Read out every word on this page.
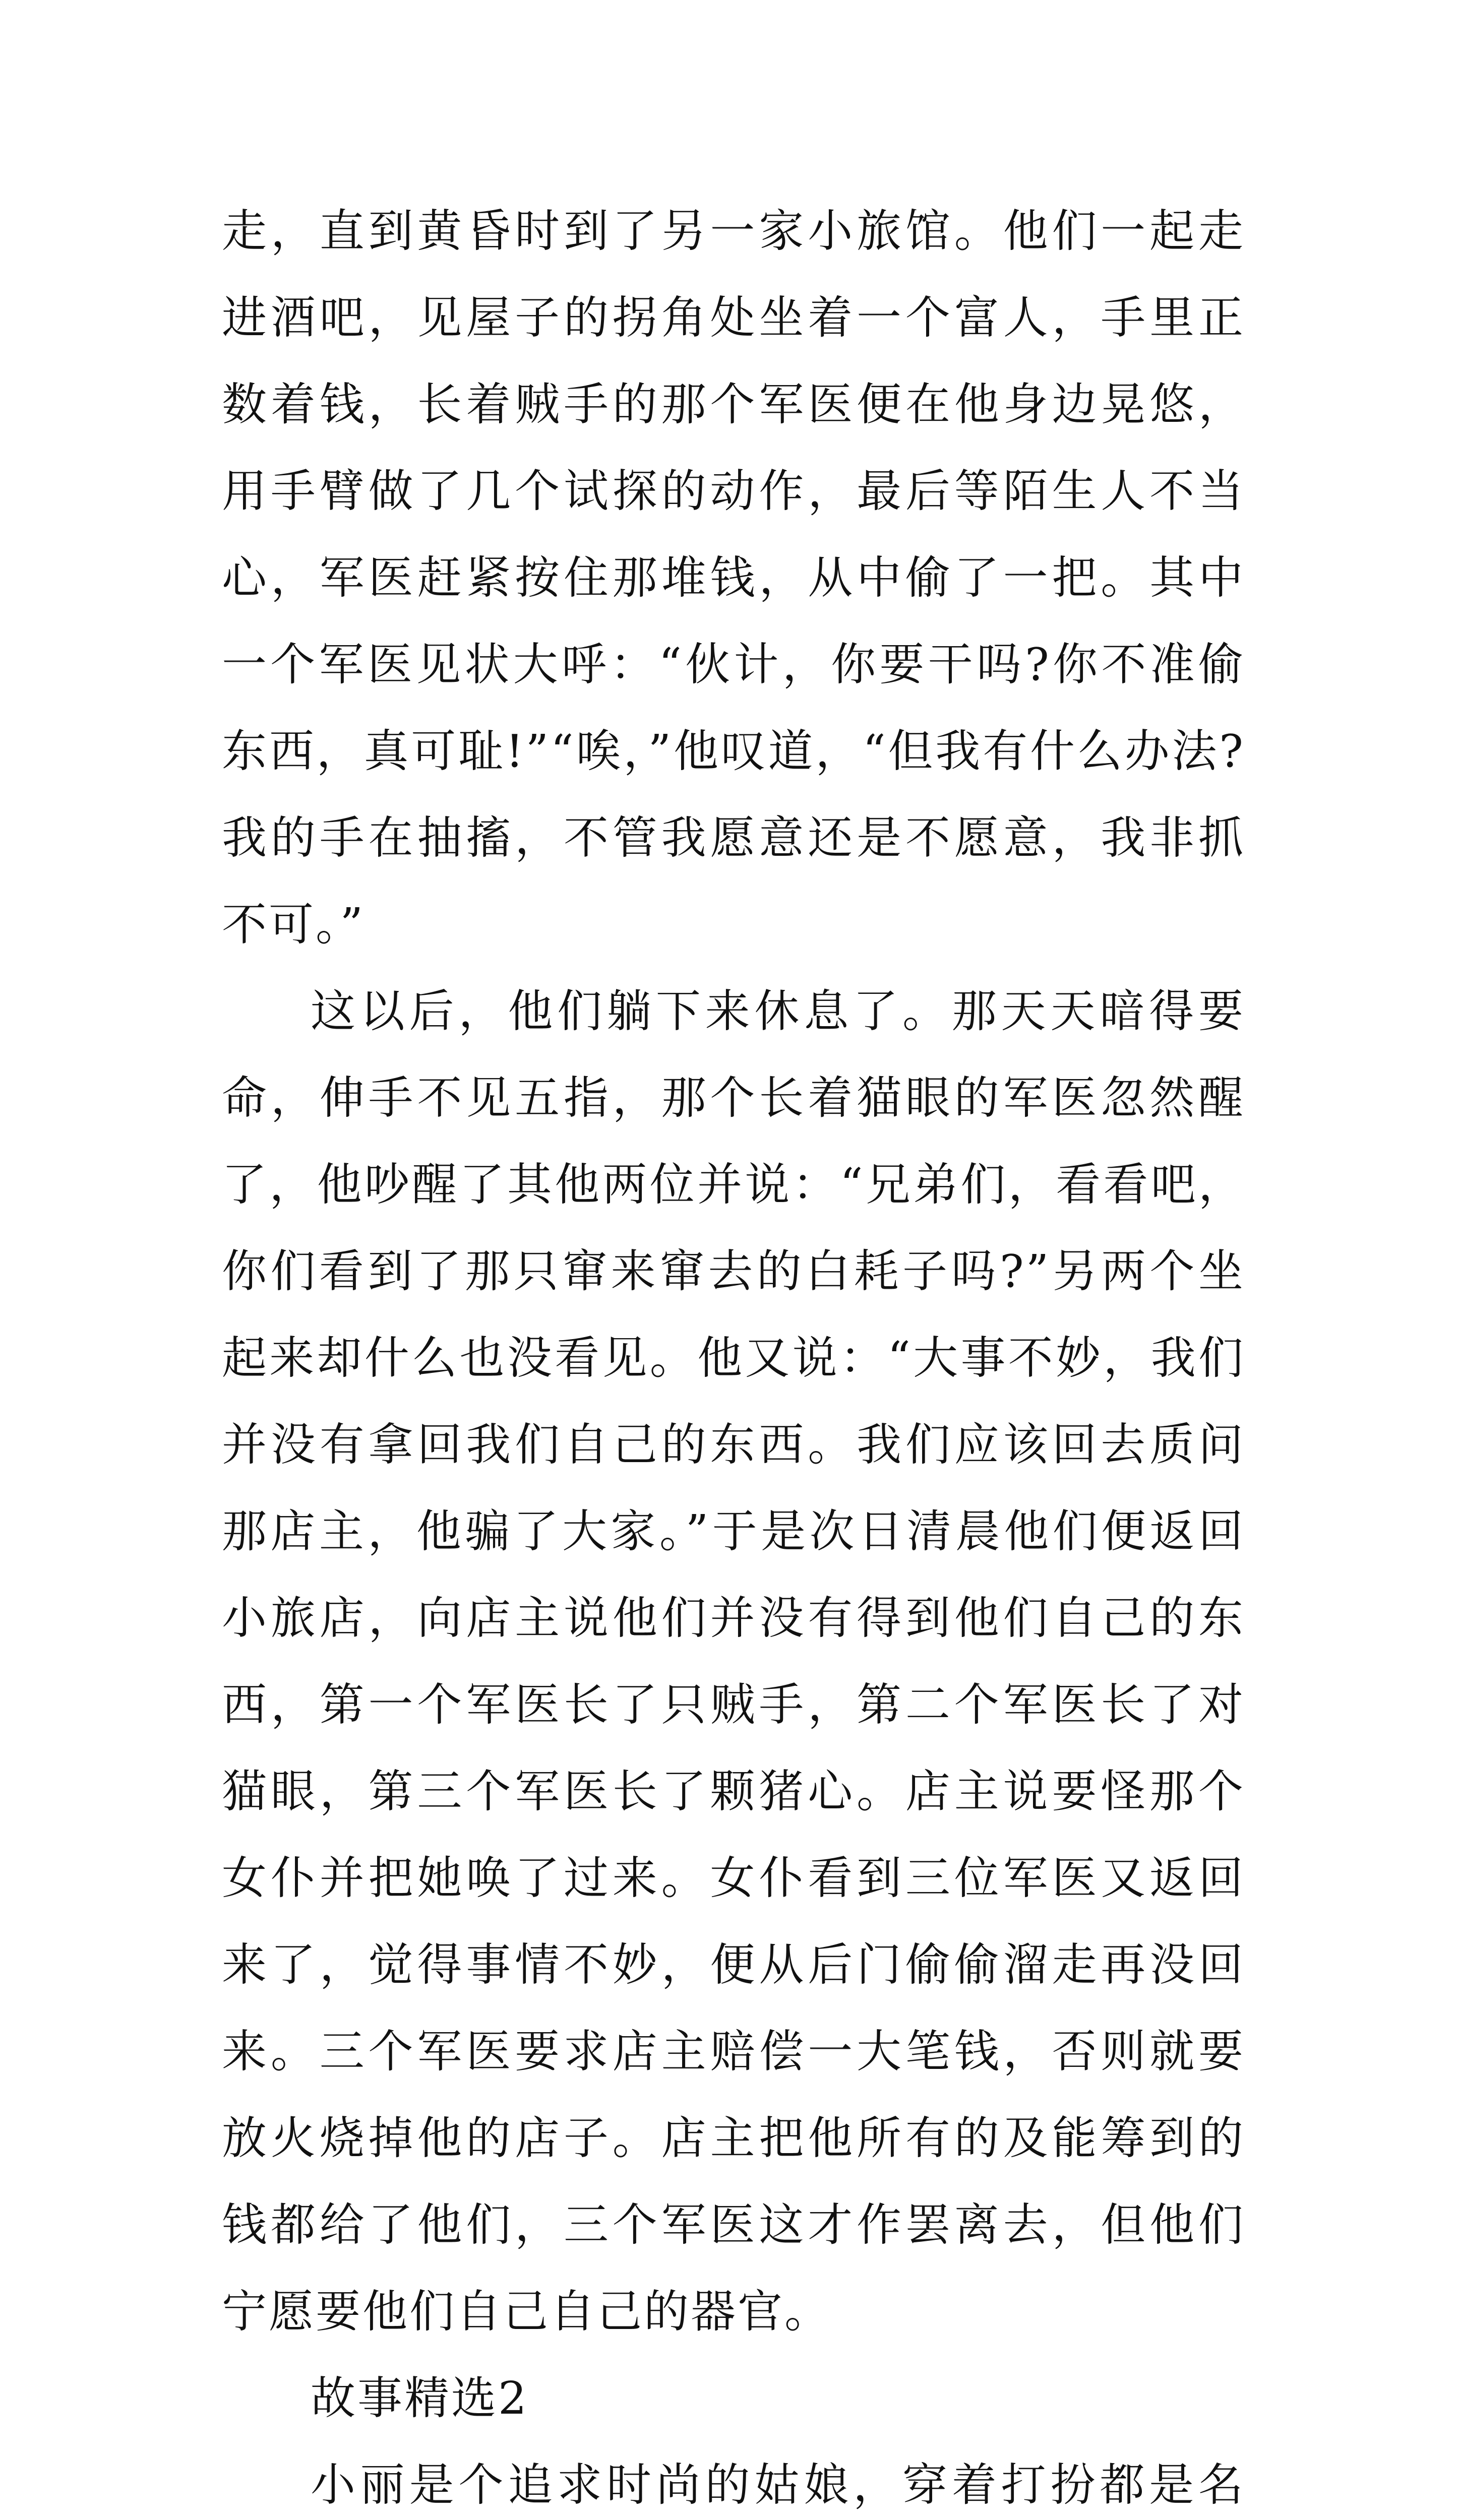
走，直到黄昏时到了另一家小旅馆。他们一起走进酒吧，见屋子的拐角处坐着一个富人，手里正数着钱，长着贼手的那个军医便在他身边晃悠，用手臂做了几个试探的动作，最后等陌生人不当心，军医赶紧按住那堆钱，从中偷了一把。其中一个军医见状大呼：“伙计，你要干吗?你不准偷东西，真可耻!”“唉，”他叹道，“但我有什么办法?我的手在抽搐，不管我愿意还是不愿意，我非抓不可。”

这以后，他们躺下来休息了。那天天暗得要命，伸手不见五指，那个长着猫眼的军医忽然醒了，他吵醒了其他两位并说：“兄弟们，看看吧，你们看到了那只窜来窜去的白耗子吗?”另两个坐起来却什么也没看见。他又说：“大事不妙，我们并没有拿回我们自己的东西。我们应该回去质问那店主，他骗了大家。”于是次日清晨他们便返回小旅店，向店主说他们并没有得到他们自己的东西，第一个军医长了只贼手，第二个军医长了对猫眼，第三个军医长了颗猪心。店主说要怪那个女仆并把她唤了过来。女仆看到三位军医又返回来了，觉得事情不妙，便从后门偷偷溜走再没回来。三个军医要求店主赔偿一大笔钱，否则就要放火烧掉他的店子。店主把他所有的及能筹到的钱都给了他们，三个军医这才作罢离去，但他们宁愿要他们自己自己的器官。

故事精选2

小丽是个追求时尚的姑娘，穿着打扮都是名
